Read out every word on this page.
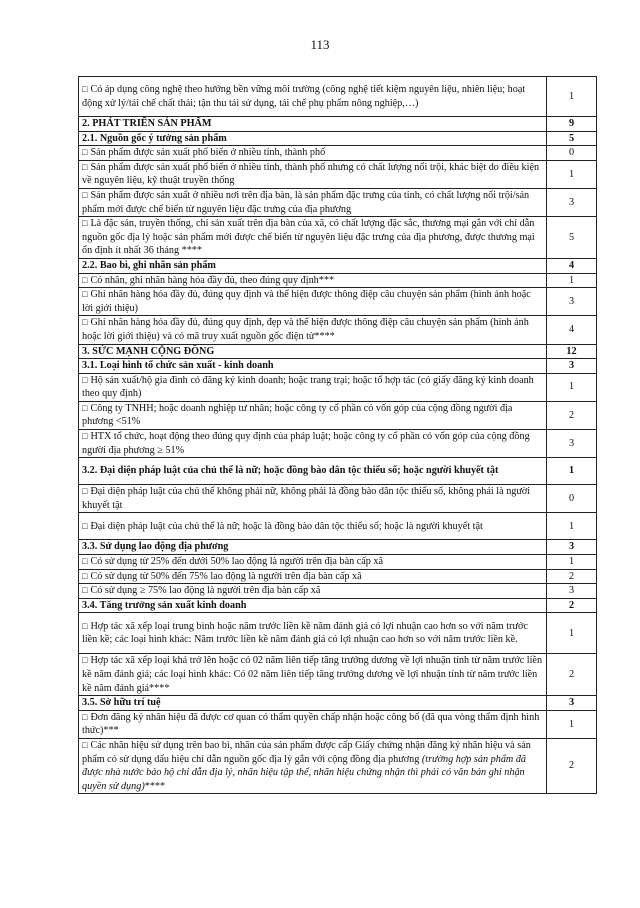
113
□ Có áp dụng công nghệ theo hướng bền vững môi trường (công nghệ tiết kiệm nguyên liệu, nhiên liệu; hoạt động xử lý/tái chế chất thải; tận thu tái sử dụng, tái chế phụ phẩm nông nghiệp,…)	1
2. PHÁT TRIỂN SẢN PHẨM	9
2.1. Nguồn gốc ý tưởng sản phẩm	5
□ Sản phẩm được sản xuất phổ biến ở nhiều tỉnh, thành phố	0
□ Sản phẩm được sản xuất phổ biến ở nhiều tỉnh, thành phố nhưng có chất lượng nổi trội, khác biệt do điều kiện về nguyên liệu, kỹ thuật truyền thống	1
□ Sản phẩm được sản xuất ở nhiều nơi trên địa bàn, là sản phẩm đặc trưng của tỉnh, có chất lượng nổi trội/sản phẩm mới được chế biến từ nguyên liệu đặc trưng của địa phương	3
□ Là đặc sản, truyền thống, chỉ sản xuất trên địa bàn của xã, có chất lượng đặc sắc, thương mại gắn với chỉ dẫn nguồn gốc địa lý hoặc sản phẩm mới được chế biến từ nguyên liệu đặc trưng của địa phương, được thương mại ổn định ít nhất 36 tháng ****	5
2.2. Bao bì, ghi nhãn sản phẩm	4
□ Có nhãn, ghi nhãn hàng hóa đầy đủ, theo đúng quy định***	1
□ Ghi nhãn hàng hóa đầy đủ, đúng quy định và thể hiện được thông điệp câu chuyện sản phẩm (hình ảnh hoặc lời giới thiệu)	3
□ Ghi nhãn hàng hóa đầy đủ, đúng quy định, đẹp và thể hiện được thông điệp câu chuyện sản phẩm (hình ảnh hoặc lời giới thiệu) và có mã truy xuất nguồn gốc điện tử****	4
3. SỨC MẠNH CỘNG ĐỒNG	12
3.1. Loại hình tổ chức sản xuất - kinh doanh	3
□ Hộ sản xuất/hộ gia đình có đăng ký kinh doanh; hoặc trang trại; hoặc tổ hợp tác (có giấy đăng ký kinh doanh theo quy định)	1
□ Công ty TNHH; hoặc doanh nghiệp tư nhân; hoặc công ty cổ phần có vốn góp của cộng đồng người địa phương <51%	2
□ HTX tổ chức, hoạt động theo đúng quy định của pháp luật; hoặc công ty cổ phần có vốn góp của cộng đồng người địa phương ≥ 51%	3
3.2. Đại diện pháp luật của chủ thể là nữ; hoặc đồng bào dân tộc thiểu số; hoặc người khuyết tật	1
□ Đại diện pháp luật của chủ thể không phải nữ, không phải là đồng bào dân tộc thiểu số, không phải là người khuyết tật	0
□ Đại diện pháp luật của chủ thể là nữ; hoặc là đồng bào dân tộc thiểu số; hoặc là người khuyết tật	1
3.3. Sử dụng lao động địa phương	3
□ Có sử dụng từ 25% đến dưới 50% lao động là người trên địa bàn cấp xã	1
□ Có sử dụng từ 50% đến 75% lao động là người trên địa bàn cấp xã	2
□ Có sử dụng ≥ 75% lao động là người trên địa bàn cấp xã	3
3.4. Tăng trưởng sản xuất kinh doanh	2
□ Hợp tác xã xếp loại trung bình hoặc năm trước liền kề năm đánh giá có lợi nhuận cao hơn so với năm trước liền kề; các loại hình khác: Năm trước liền kề năm đánh giá có lợi nhuận cao hơn so với năm trước liền kề.	1
□ Hợp tác xã xếp loại khá trở lên hoặc có 02 năm liên tiếp tăng trưởng dương về lợi nhuận tính từ năm trước liền kề năm đánh giá; các loại hình khác: Có 02 năm liên tiếp tăng trưởng dương về lợi nhuận tính từ năm trước liền kề năm đánh giá****	2
3.5. Sở hữu trí tuệ	3
□ Đơn đăng ký nhãn hiệu đã được cơ quan có thẩm quyền chấp nhận hoặc công bố (đã qua vòng thẩm định hình thức)***	1
□ Các nhãn hiệu sử dụng trên bao bì, nhãn của sản phẩm được cấp Giấy chứng nhận đăng ký nhãn hiệu và sản phẩm có sử dụng dấu hiệu chỉ dẫn nguồn gốc địa lý gắn với cộng đồng địa phương (trường hợp sản phẩm đã được nhà nước bảo hộ chỉ dẫn địa lý, nhãn hiệu tập thể, nhãn hiệu chứng nhận thì phải có văn bản ghi nhận quyền sử dụng)****	2
